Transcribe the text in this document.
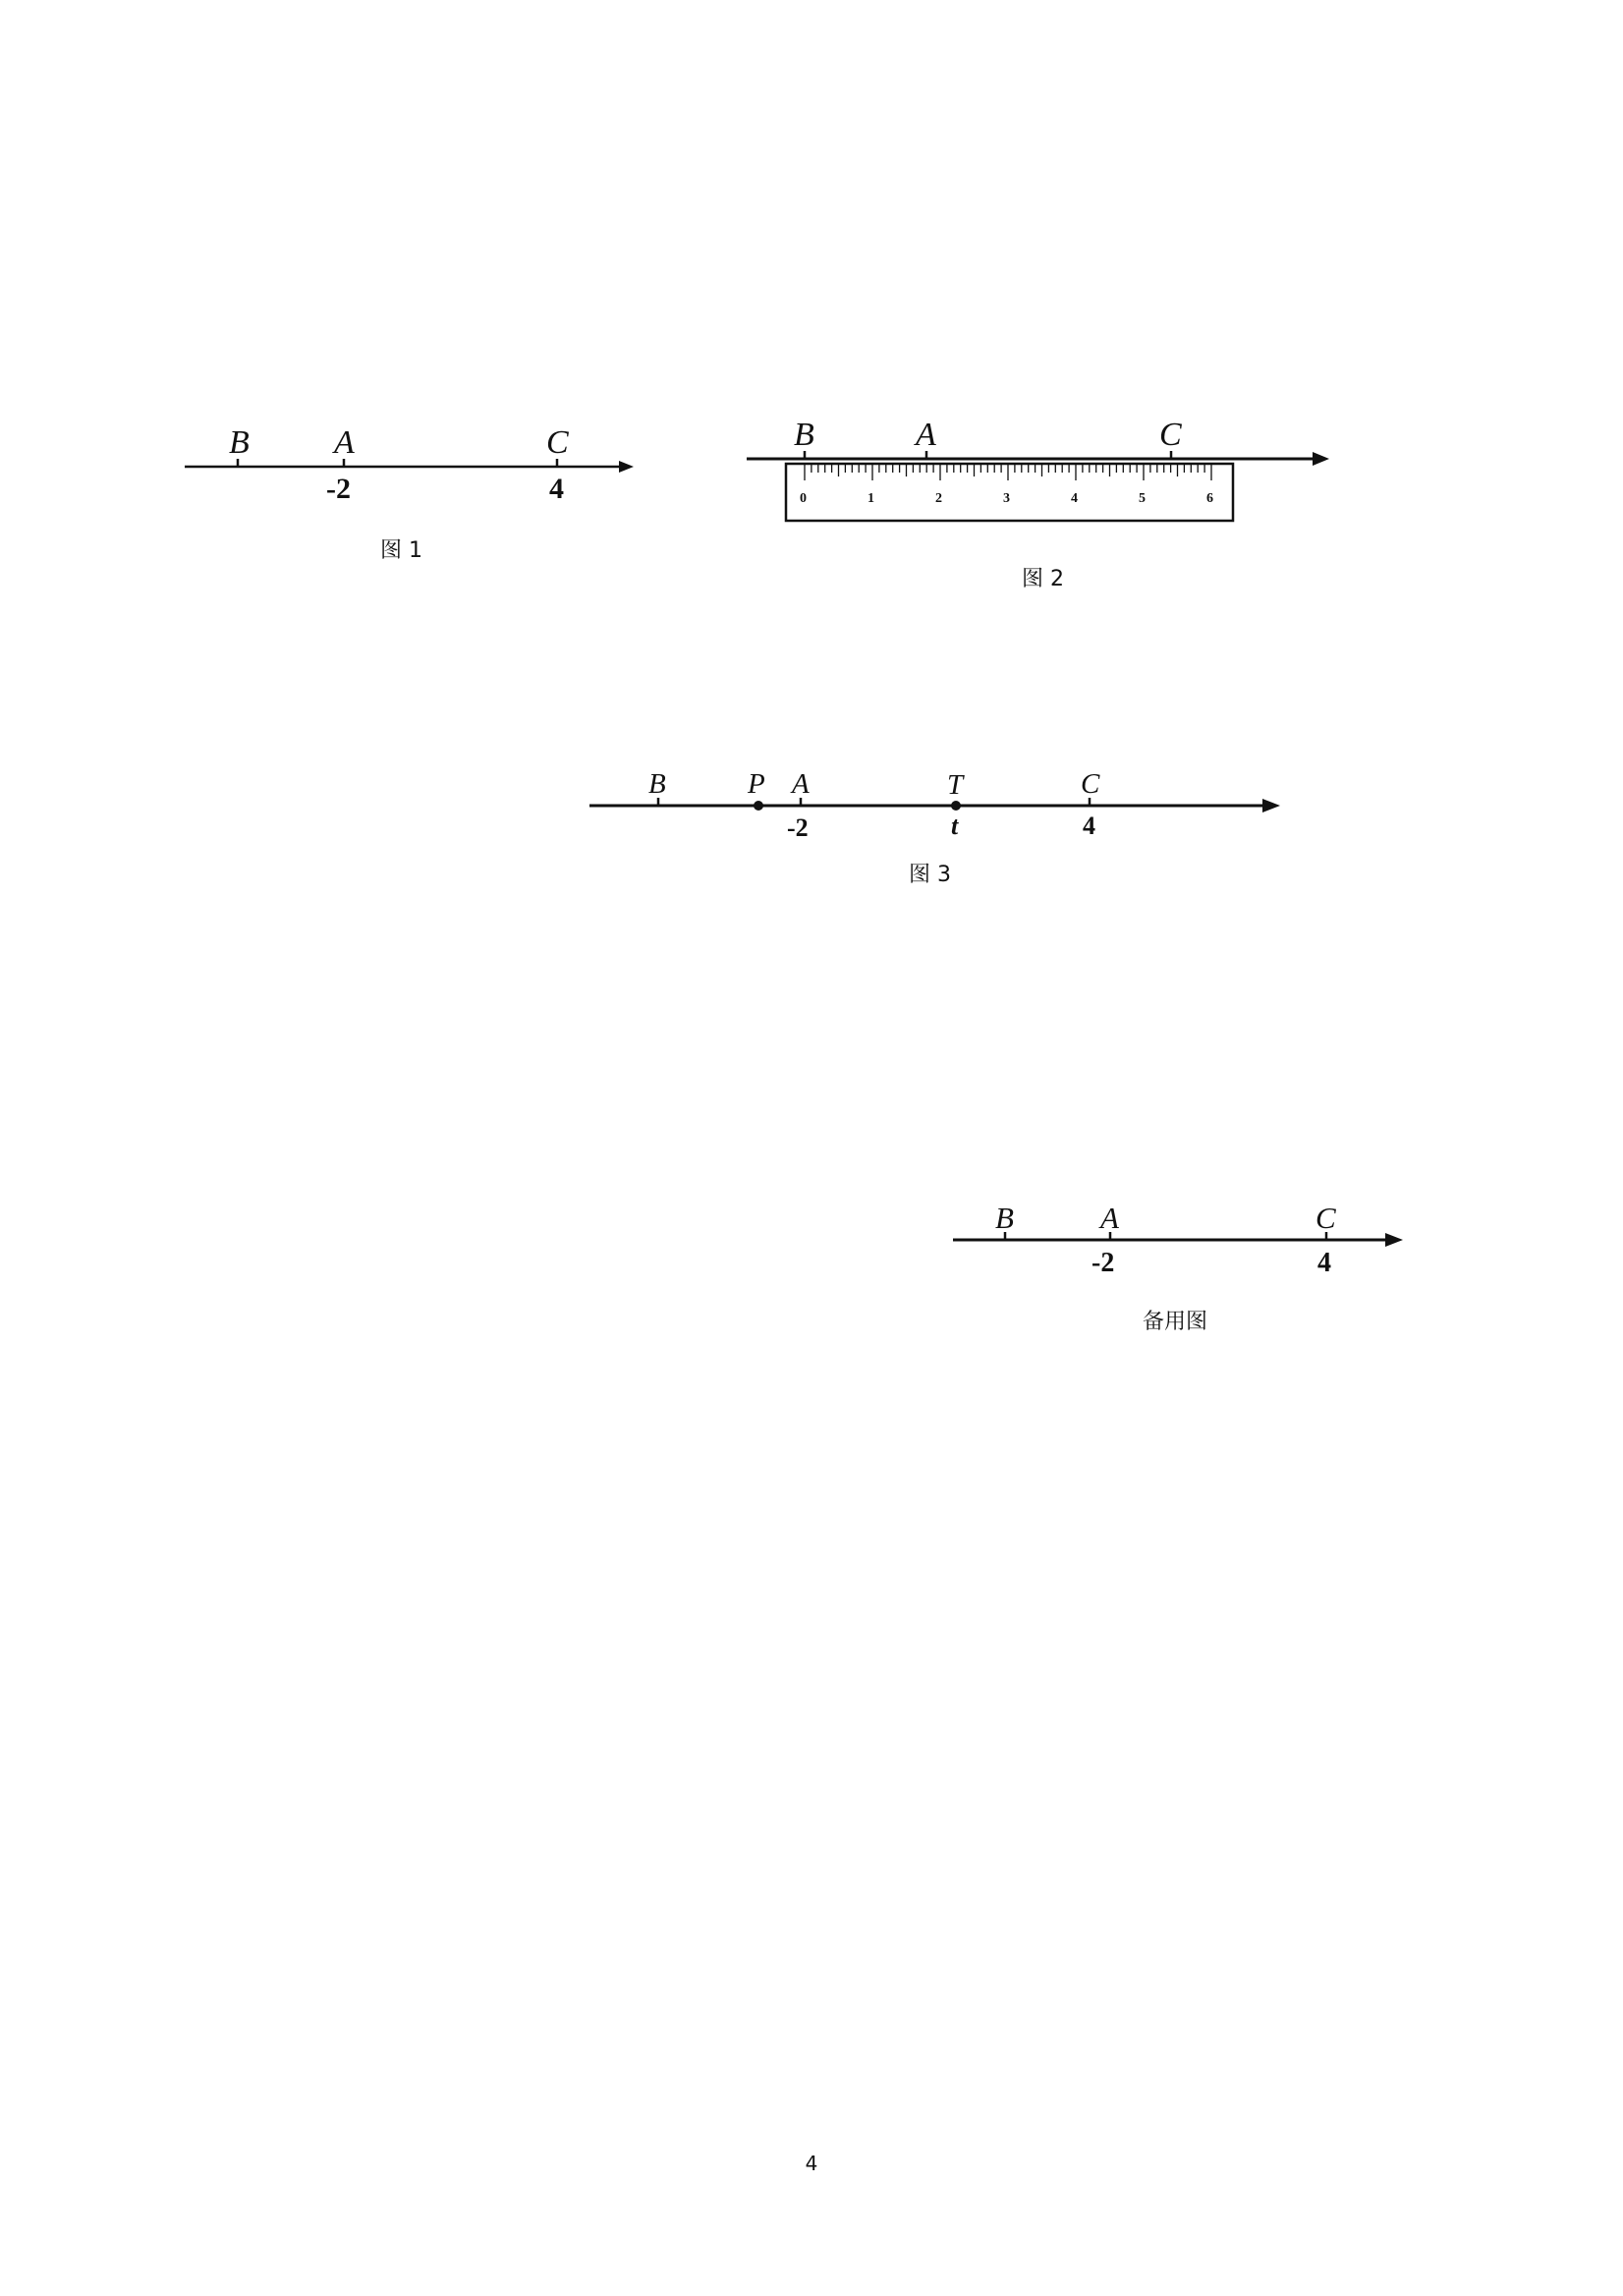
B	A	C
-2	4
图 1
B	A	C
0	1	2	3	4	5	6
图 2
B	P A	T	C
-2	t	4
图 3
B	A	C
-2	4
备用图
4
